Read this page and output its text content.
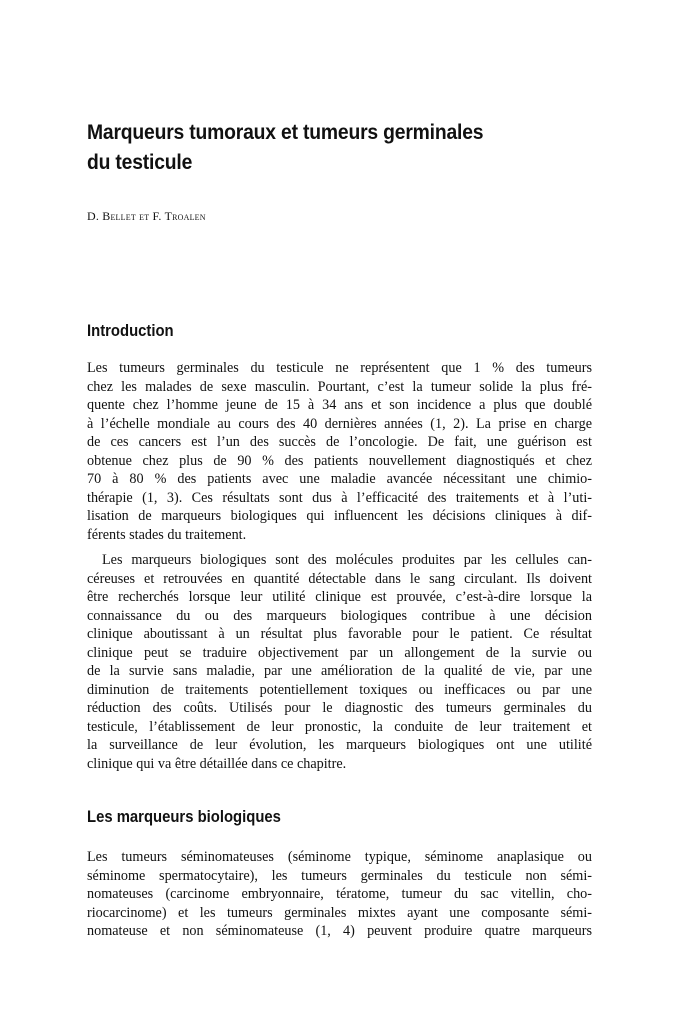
Marqueurs tumoraux et tumeurs germinales
du testicule
D. Bellet et F. Troalen
Introduction

Les tumeurs germinales du testicule ne représentent que 1 % des tumeurs
chez les malades de sexe masculin. Pourtant, c’est la tumeur solide la plus fré-
quente chez l’homme jeune de 15 à 34 ans et son incidence a plus que doublé
à l’échelle mondiale au cours des 40 dernières années (1, 2). La prise en charge
de ces cancers est l’un des succès de l’oncologie. De fait, une guérison est
obtenue chez plus de 90 % des patients nouvellement diagnostiqués et chez
70 à 80 % des patients avec une maladie avancée nécessitant une chimio-
thérapie (1, 3). Ces résultats sont dus à l’efficacité des traitements et à l’uti-
lisation de marqueurs biologiques qui influencent les décisions cliniques à dif-
férents stades du traitement.

Les marqueurs biologiques sont des molécules produites par les cellules can-
céreuses et retrouvées en quantité détectable dans le sang circulant. Ils doivent
être recherchés lorsque leur utilité clinique est prouvée, c’est-à-dire lorsque la
connaissance du ou des marqueurs biologiques contribue à une décision
clinique aboutissant à un résultat plus favorable pour le patient. Ce résultat
clinique peut se traduire objectivement par un allongement de la survie ou
de la survie sans maladie, par une amélioration de la qualité de vie, par une
diminution de traitements potentiellement toxiques ou inefficaces ou par une
réduction des coûts. Utilisés pour le diagnostic des tumeurs germinales du
testicule, l’établissement de leur pronostic, la conduite de leur traitement et
la surveillance de leur évolution, les marqueurs biologiques ont une utilité
clinique qui va être détaillée dans ce chapitre.

Les marqueurs biologiques

Les tumeurs séminomateuses (séminome typique, séminome anaplasique ou
séminome spermatocytaire), les tumeurs germinales du testicule non sémi-
nomateuses (carcinome embryonnaire, tératome, tumeur du sac vitellin, cho-
riocarcinome) et les tumeurs germinales mixtes ayant une composante sémi-
nomateuse et non séminomateuse (1, 4) peuvent produire quatre marqueurs
